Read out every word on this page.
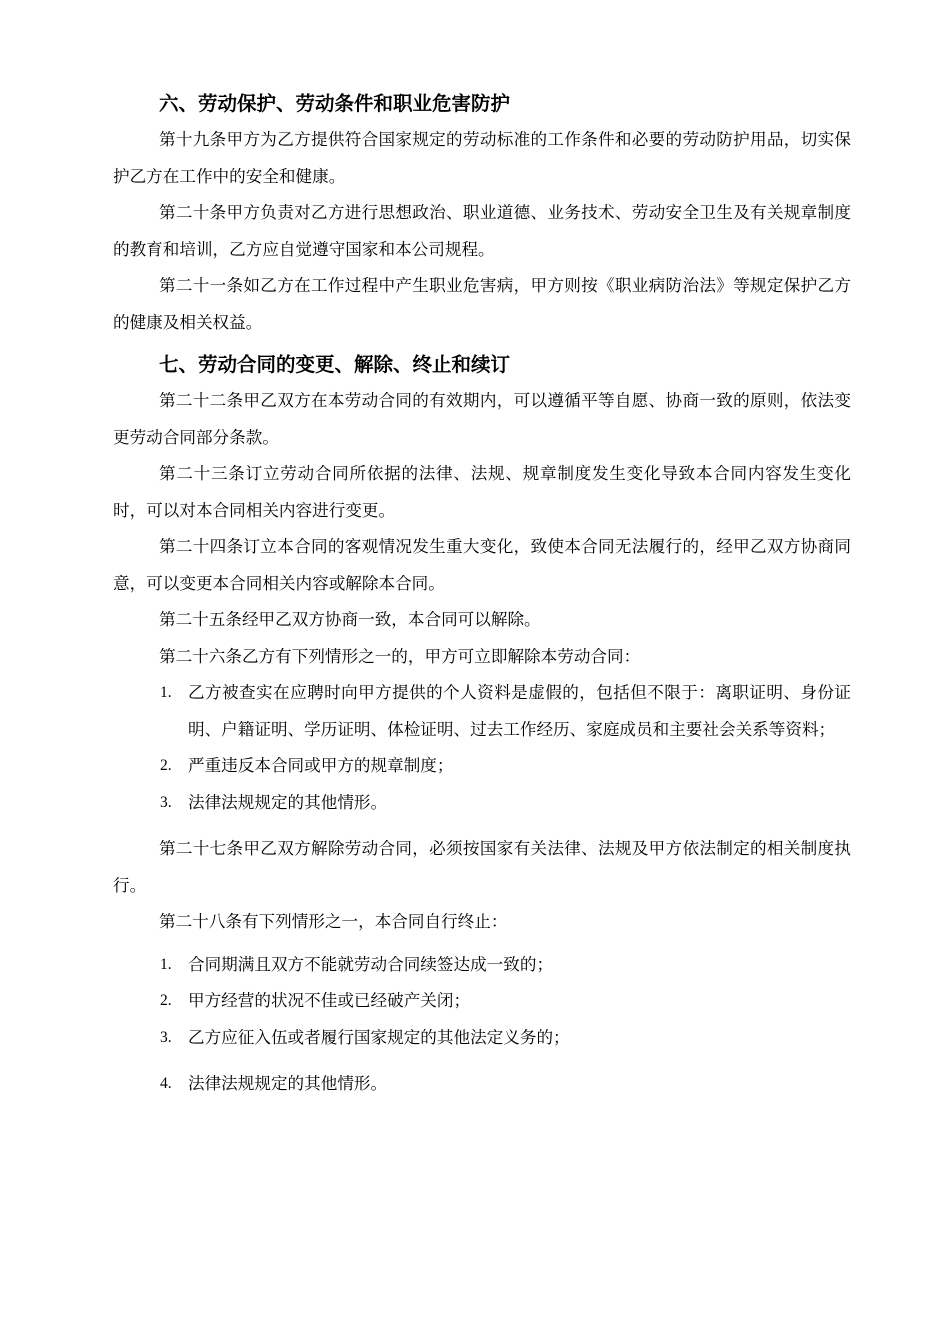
六、劳动保护、劳动条件和职业危害防护

第十九条甲方为乙方提供符合国家规定的劳动标准的工作条件和必要的劳动防护用品，切实保护乙方在工作中的安全和健康。

第二十条甲方负责对乙方进行思想政治、职业道德、业务技术、劳动安全卫生及有关规章制度的教育和培训，乙方应自觉遵守国家和本公司规程。

第二十一条如乙方在工作过程中产生职业危害病，甲方则按《职业病防治法》等规定保护乙方的健康及相关权益。

七、劳动合同的变更、解除、终止和续订

第二十二条甲乙双方在本劳动合同的有效期内，可以遵循平等自愿、协商一致的原则，依法变更劳动合同部分条款。

第二十三条订立劳动合同所依据的法律、法规、规章制度发生变化导致本合同内容发生变化时，可以对本合同相关内容进行变更。

第二十四条订立本合同的客观情况发生重大变化，致使本合同无法履行的，经甲乙双方协商同意，可以变更本合同相关内容或解除本合同。

第二十五条经甲乙双方协商一致，本合同可以解除。

第二十六条乙方有下列情形之一的，甲方可立即解除本劳动合同：

1. 乙方被查实在应聘时向甲方提供的个人资料是虚假的，包括但不限于：离职证明、身份证明、户籍证明、学历证明、体检证明、过去工作经历、家庭成员和主要社会关系等资料；
2. 严重违反本合同或甲方的规章制度；
3. 法律法规规定的其他情形。

第二十七条甲乙双方解除劳动合同，必须按国家有关法律、法规及甲方依法制定的相关制度执行。

第二十八条有下列情形之一，本合同自行终止：

1. 合同期满且双方不能就劳动合同续签达成一致的；
2. 甲方经营的状况不佳或已经破产关闭；
3. 乙方应征入伍或者履行国家规定的其他法定义务的；
4. 法律法规规定的其他情形。
